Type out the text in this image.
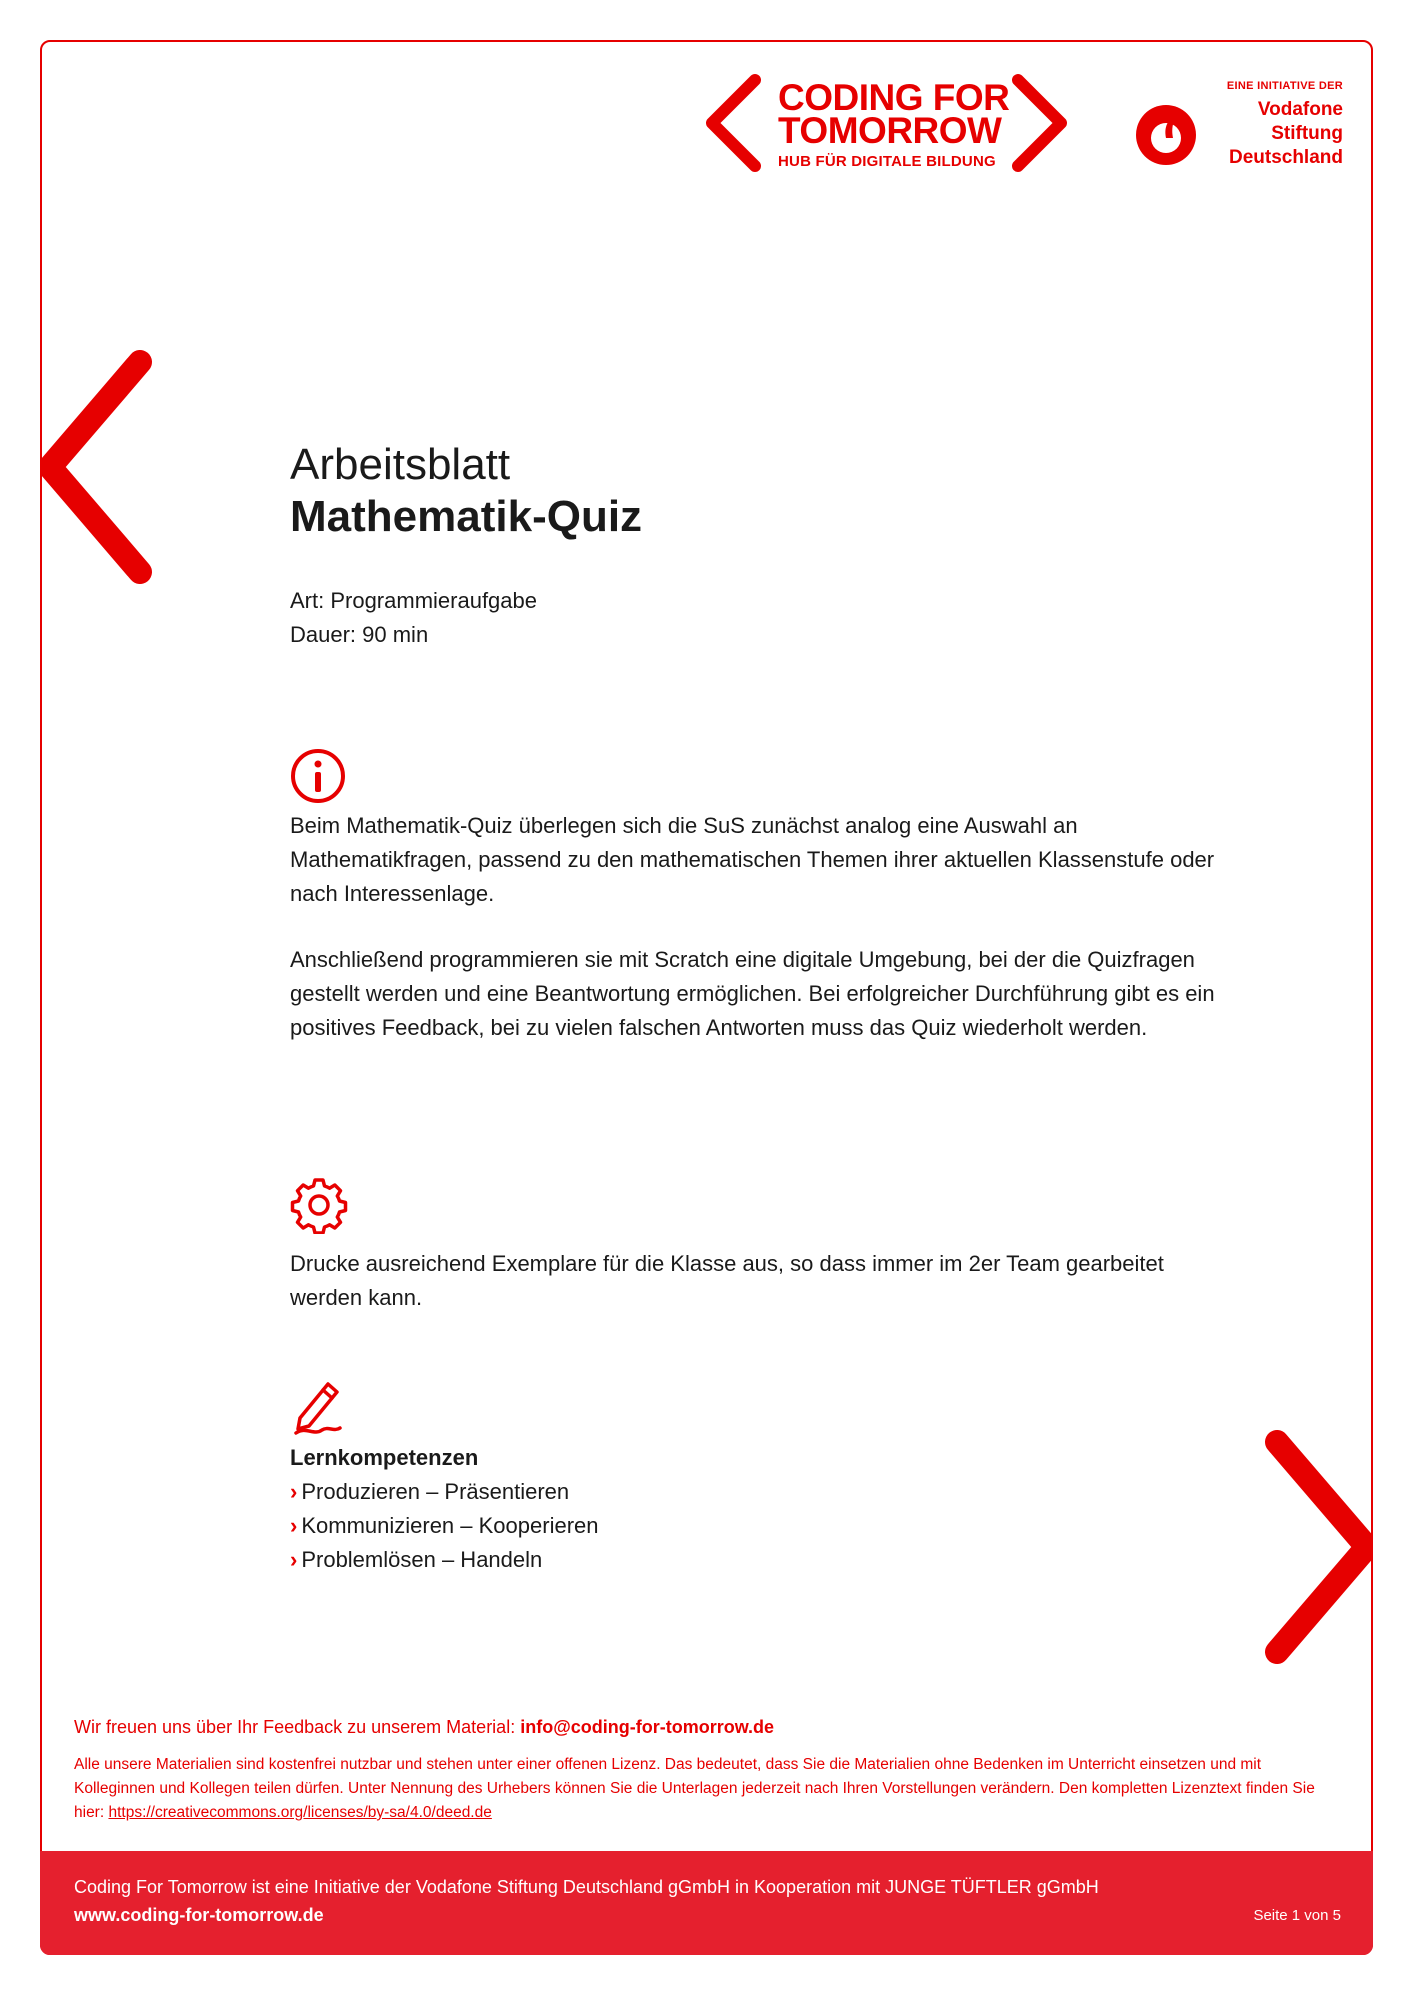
CODING FOR
TOMORROW
HUB FÜR DIGITALE BILDUNG
EINE INITIATIVE DER
Vodafone
Stiftung
Deutschland
Arbeitsblatt
Mathematik-Quiz
Art: Programmieraufgabe
Dauer: 90 min

Beim Mathematik-Quiz überlegen sich die SuS zunächst analog eine Auswahl an Mathematikfragen, passend zu den mathematischen Themen ihrer aktuellen Klassenstufe oder nach Interessenlage.

Anschließend programmieren sie mit Scratch eine digitale Umgebung, bei der die Quizfragen gestellt werden und eine Beantwortung ermöglichen. Bei erfolgreicher Durchführung gibt es ein positives Feedback, bei zu vielen falschen Antworten muss das Quiz wiederholt werden.

Drucke ausreichend Exemplare für die Klasse aus, so dass immer im 2er Team gearbeitet werden kann.

Lernkompetenzen
› Produzieren – Präsentieren
› Kommunizieren – Kooperieren
› Problemlösen – Handeln
Wir freuen uns über Ihr Feedback zu unserem Material: info@coding-for-tomorrow.de
Alle unsere Materialien sind kostenfrei nutzbar und stehen unter einer offenen Lizenz. Das bedeutet, dass Sie die Materialien ohne Bedenken im Unterricht einsetzen und mit Kolleginnen und Kollegen teilen dürfen. Unter Nennung des Urhebers können Sie die Unterlagen jederzeit nach Ihren Vorstellungen verändern. Den kompletten Lizenztext finden Sie hier: https://creativecommons.org/licenses/by-sa/4.0/deed.de
Coding For Tomorrow ist eine Initiative der Vodafone Stiftung Deutschland gGmbH in Kooperation mit JUNGE TÜFTLER gGmbH
www.coding-for-tomorrow.de	Seite 1 von 5
